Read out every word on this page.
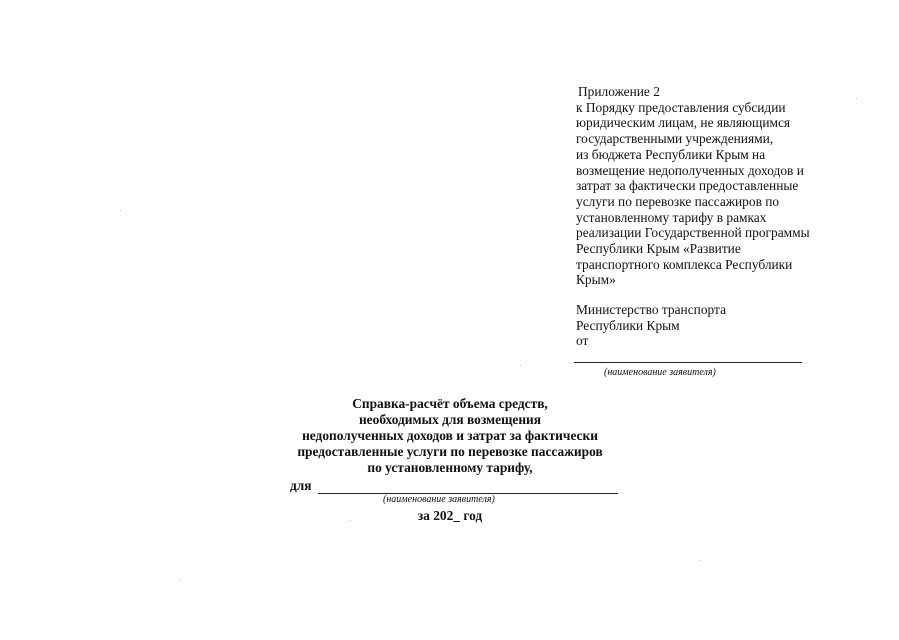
Приложение 2
к Порядку предоставления субсидии
юридическим лицам, не являющимся
государственными учреждениями,
из бюджета Республики Крым на
возмещение недополученных доходов и
затрат за фактически предоставленные
услуги по перевозке пассажиров по
установленному тарифу в рамках
реализации Государственной программы
Республики Крым «Развитие
транспортного комплекса Республики
Крым»
Министерство транспорта
Республики Крым
от
(наименование заявителя)
Справка-расчёт объема средств,
необходимых для возмещения
недополученных доходов и затрат за фактически
предоставленные услуги по перевозке пассажиров
по установленному тарифу,
для
(наименование заявителя)
за 202_ год
